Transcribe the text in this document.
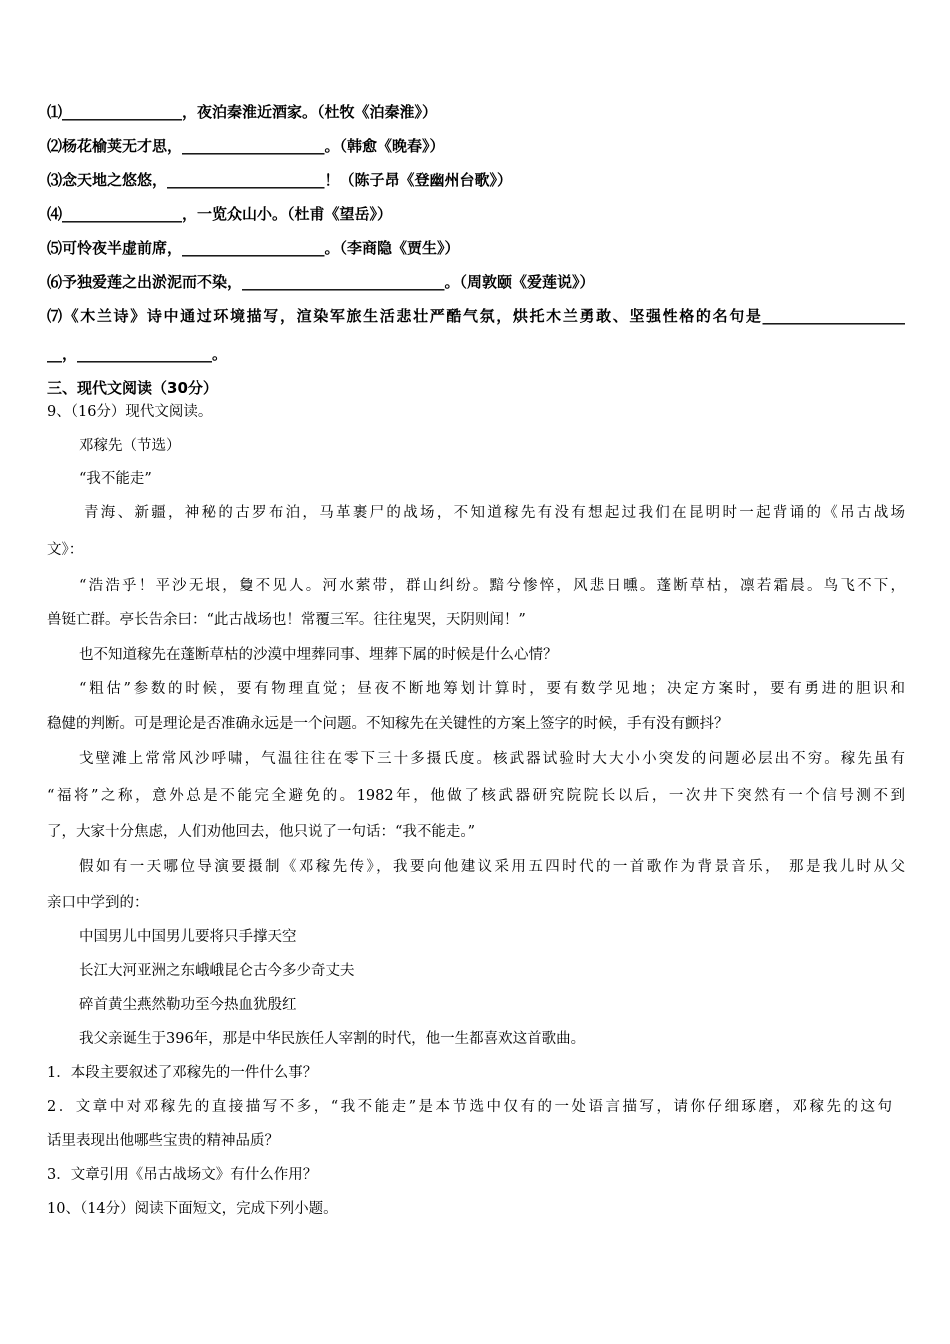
⑴________________，夜泊秦淮近酒家。（杜牧《泊秦淮》）
⑵杨花榆荚无才思，___________________。（韩愈《晚春》）
⑶念天地之悠悠，_____________________！（陈子昂《登幽州台歌》）
⑷________________，一览众山小。（杜甫《望岳》）
⑸可怜夜半虚前席，___________________。（李商隐《贾生》）
⑹予独爱莲之出淤泥而不染，___________________________。（周敦颐《爱莲说》）
⑺《木兰诗》诗中通过环境描写，渲染军旅生活悲壮严酷气氛，烘托木兰勇敢、坚强性格的名句是___________________
__，__________________。
三、现代文阅读（30分）
9、（16分）现代文阅读。
邓稼先（节选）
“我不能走”
青海、新疆，神秘的古罗布泊，马革裹尸的战场，不知道稼先有没有想起过我们在昆明时一起背诵的《吊古战场
文》：
“浩浩乎！平沙无垠，敻不见人。河水萦带，群山纠纷。黯兮惨悴，风悲日曛。蓬断草枯，凛若霜晨。鸟飞不下，
兽铤亡群。亭长告余曰：“此古战场也！常覆三军。往往鬼哭，天阴则闻！”
也不知道稼先在蓬断草枯的沙漠中埋葬同事、埋葬下属的时候是什么心情？
“粗估”参数的时候，要有物理直觉；昼夜不断地筹划计算时，要有数学见地；决定方案时，要有勇进的胆识和
稳健的判断。可是理论是否准确永远是一个问题。不知稼先在关键性的方案上签字的时候，手有没有颤抖？
戈壁滩上常常风沙呼啸，气温往往在零下三十多摄氏度。核武器试验时大大小小突发的问题必层出不穷。稼先虽有
“福将”之称，意外总是不能完全避免的。1982年，他做了核武器研究院院长以后，一次井下突然有一个信号测不到
了，大家十分焦虑，人们劝他回去，他只说了一句话：“我不能走。”
假如有一天哪位导演要摄制《邓稼先传》，我要向他建议采用五四时代的一首歌作为背景音乐， 那是我儿时从父
亲口中学到的：
中国男儿中国男儿要将只手撑天空
长江大河亚洲之东峨峨昆仑古今多少奇丈夫
碎首黄尘燕然勒功至今热血犹殷红
我父亲诞生于396年，那是中华民族任人宰割的时代，他一生都喜欢这首歌曲。
1．本段主要叙述了邓稼先的一件什么事？
2．文章中对邓稼先的直接描写不多，“我不能走”是本节选中仅有的一处语言描写，请你仔细琢磨，邓稼先的这句
话里表现出他哪些宝贵的精神品质？
3．文章引用《吊古战场文》有什么作用？
10、（14分）阅读下面短文，完成下列小题。
